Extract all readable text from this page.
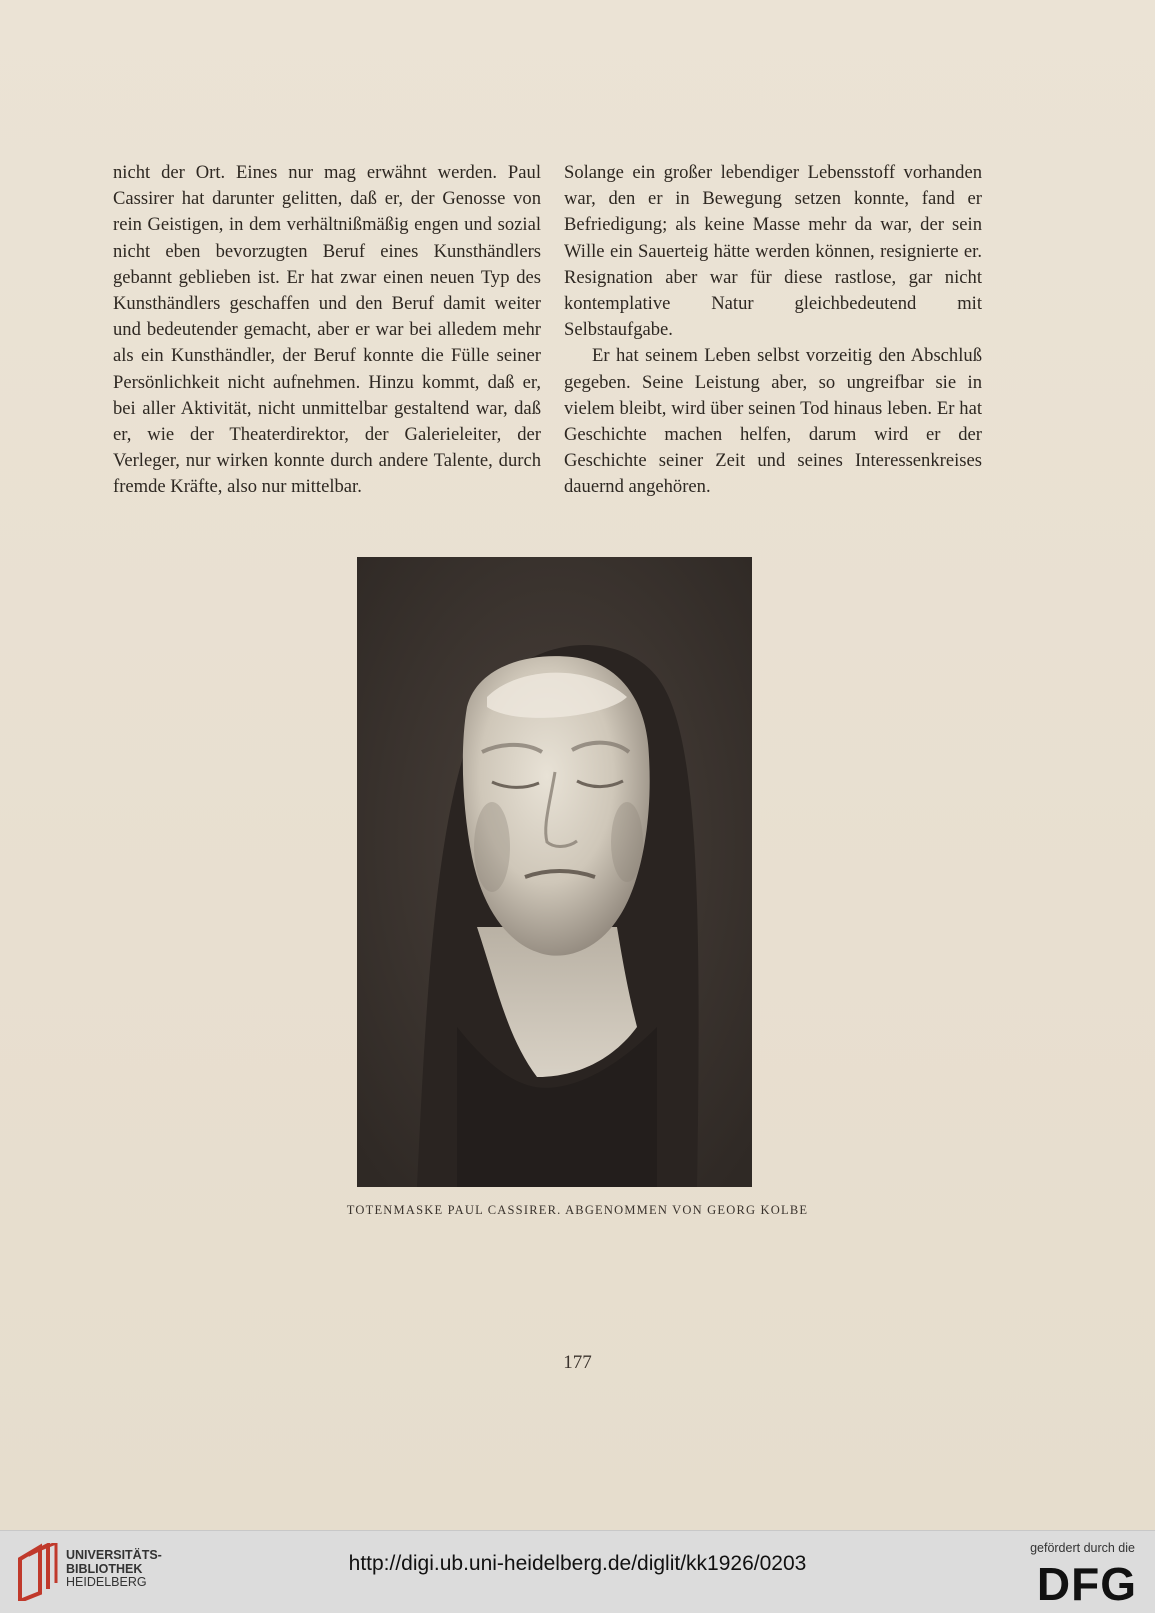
nicht der Ort. Eines nur mag erwähnt werden. Paul Cassirer hat darunter gelitten, daß er, der Genosse von rein Geistigen, in dem verhältnißmäßig engen und sozial nicht eben bevorzugten Beruf eines Kunsthändlers gebannt geblieben ist. Er hat zwar einen neuen Typ des Kunsthändlers geschaffen und den Beruf damit weiter und bedeutender gemacht, aber er war bei alledem mehr als ein Kunsthändler, der Beruf konnte die Fülle seiner Persönlichkeit nicht aufnehmen. Hinzu kommt, daß er, bei aller Aktivität, nicht unmittelbar gestaltend war, daß er, wie der Theaterdirektor, der Galerieleiter, der Verleger, nur wirken konnte durch andere Talente, durch fremde Kräfte, also nur mittelbar.

Solange ein großer lebendiger Lebensstoff vorhanden war, den er in Bewegung setzen konnte, fand er Befriedigung; als keine Masse mehr da war, der sein Wille ein Sauerteig hätte werden können, resignierte er. Resignation aber war für diese rastlose, gar nicht kontemplative Natur gleichbedeutend mit Selbstaufgabe.

Er hat seinem Leben selbst vorzeitig den Abschluß gegeben. Seine Leistung aber, so ungreifbar sie in vielem bleibt, wird über seinen Tod hinaus leben. Er hat Geschichte machen helfen, darum wird er der Geschichte seiner Zeit und seines Interessenkreises dauernd angehören.

TOTENMASKE PAUL CASSIRER. ABGENOMMEN VON GEORG KOLBE
177
UNIVERSITÄTS-
BIBLIOTHEK
HEIDELBERG
http://digi.ub.uni-heidelberg.de/diglit/kk1926/0203
gefördert durch die
DFG
